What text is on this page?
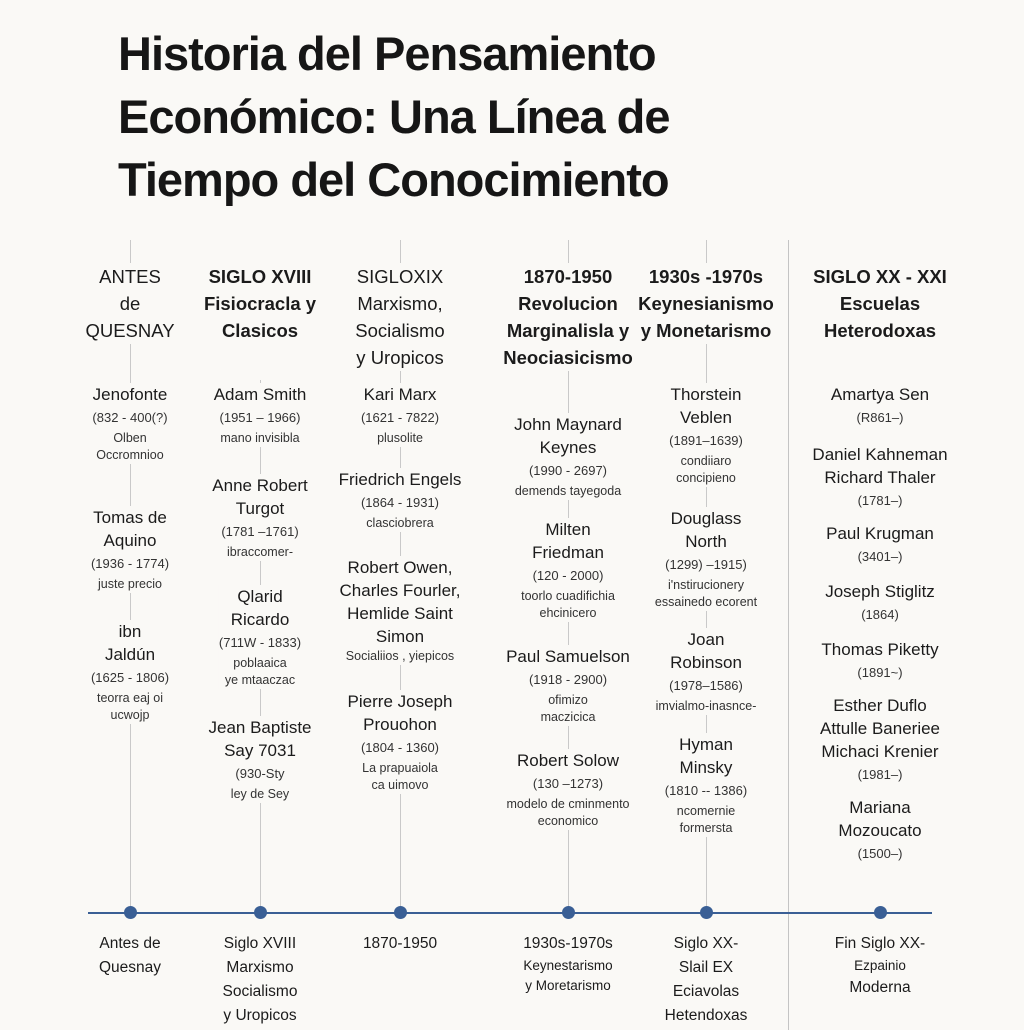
Historia del Pensamiento
Económico: Una Línea de
Tiempo del Conocimiento
ANTES
de
QUESNAY
Jenofonte
(832 - 400(?)
Olben
Occromnioo
Tomas de
Aquino
(1936 - 1774)
juste precio
ibn
Jaldún
(1625 - 1806)
teorra eaj oi
ucwojp
Antes de
Quesnay
SIGLO XVIII
Fisiocracla y
Clasicos
Adam Smith
(1951 – 1966)
mano invisibla
Anne Robert
Turgot
(1781 –1761)
ibraccomer-
Qlarid
Ricardo
(711W - 1833)
poblaaica
ye mtaaczac
Jean Baptiste
Say 7031
(930-Sty
ley de Sey
Siglo XVIII
Marxismo
Socialismo
y Uropicos
SIGLOXIX
Marxismo,
Socialismo
y Uropicos
Kari Marx
(1621 - 7822)
plusolite
Friedrich Engels
(1864 - 1931)
clasciobrera
Robert Owen,
Charles Fourler,
Hemlide Saint
Simon
Socialiios , yiepicos
Pierre Joseph
Prouohon
(1804 - 1360)
La prapuaiola
ca uimovo
1870-1950
1870-1950
Revolucion
Marginalisla y
Neociasicismo
John Maynard
Keynes
(1990 - 2697)
demends tayegoda
Milten
Friedman
(120 - 2000)
toorlo cuadifichia
ehcinicero
Paul Samuelson
(1918 - 2900)
ofimizo
maczicica
Robert Solow
(130 –1273)
modelo de cminmento
economico
1930s-1970s
Keynestarismo
y Moretarismo
1930s -1970s
Keynesianismo
y Monetarismo
Thorstein
Veblen
(1891–1639)
condiiaro
concipieno
Douglass
North
(1299) –1915)
i'nstirucionery
essainedo ecorent
Joan
Robinson
(1978–1586)
imvialmo-inasnce-
Hyman
Minsky
(1810 -- 1386)
ncomernie
formersta
Siglo XX-
Slail EX
Eciavolas
Hetendoxas
SIGLO XX - XXI
Escuelas
Heterodoxas
Amartya Sen
(R861–)
Daniel Kahneman
Richard Thaler
(1781–)
Paul Krugman
(3401–)
Joseph Stiglitz
(1864)
Thomas Piketty
(1891~)
Esther Duflo
Attulle Baneriee
Michaci Krenier
(1981–)
Mariana
Mozoucato
(1500–)
Fin Siglo XX-
Ezpainio
Moderna
